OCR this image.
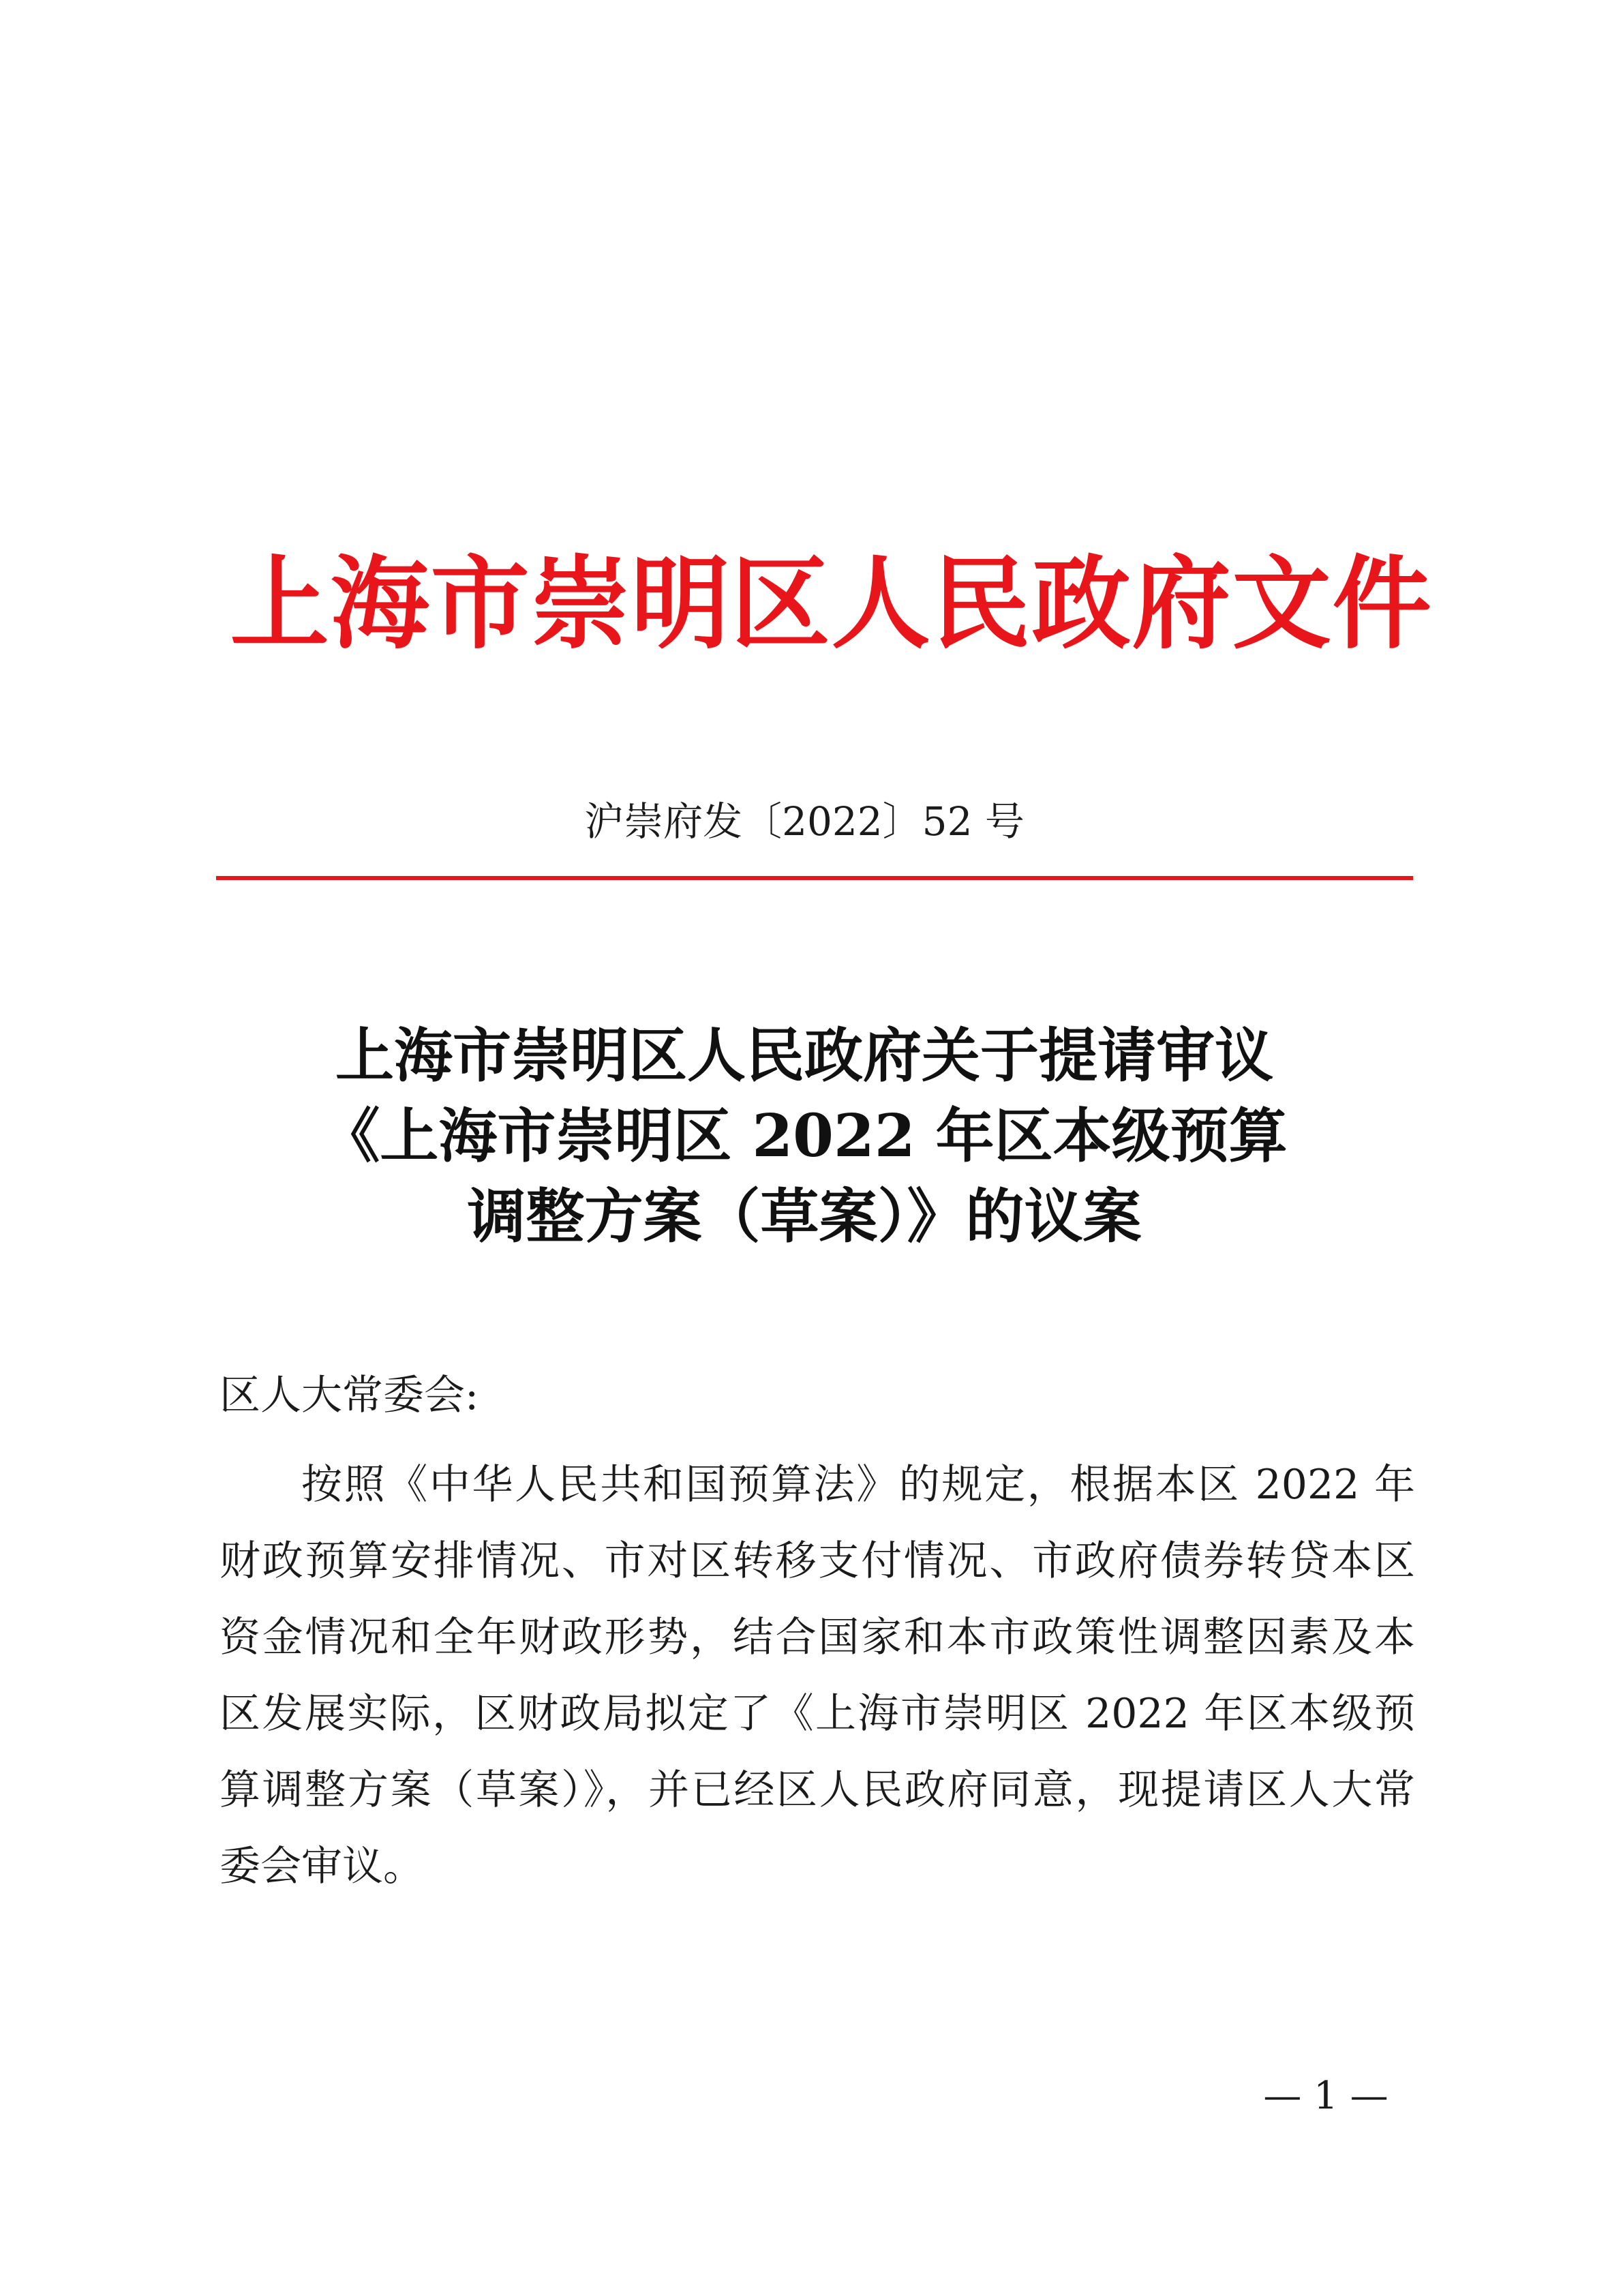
上海市崇明区人民政府文件
沪崇府发〔2022〕52 号
上海市崇明区人民政府关于提请审议
《上海市崇明区 2022 年区本级预算
调整方案（草案）》的议案
区人大常委会:
按照《中华人民共和国预算法》的规定，根据本区 2022 年
财政预算安排情况、市对区转移支付情况、市政府债券转贷本区
资金情况和全年财政形势，结合国家和本市政策性调整因素及本
区发展实际，区财政局拟定了《上海市崇明区 2022 年区本级预
算调整方案（草案）》，并已经区人民政府同意，现提请区人大常
委会审议。
— 1 —
